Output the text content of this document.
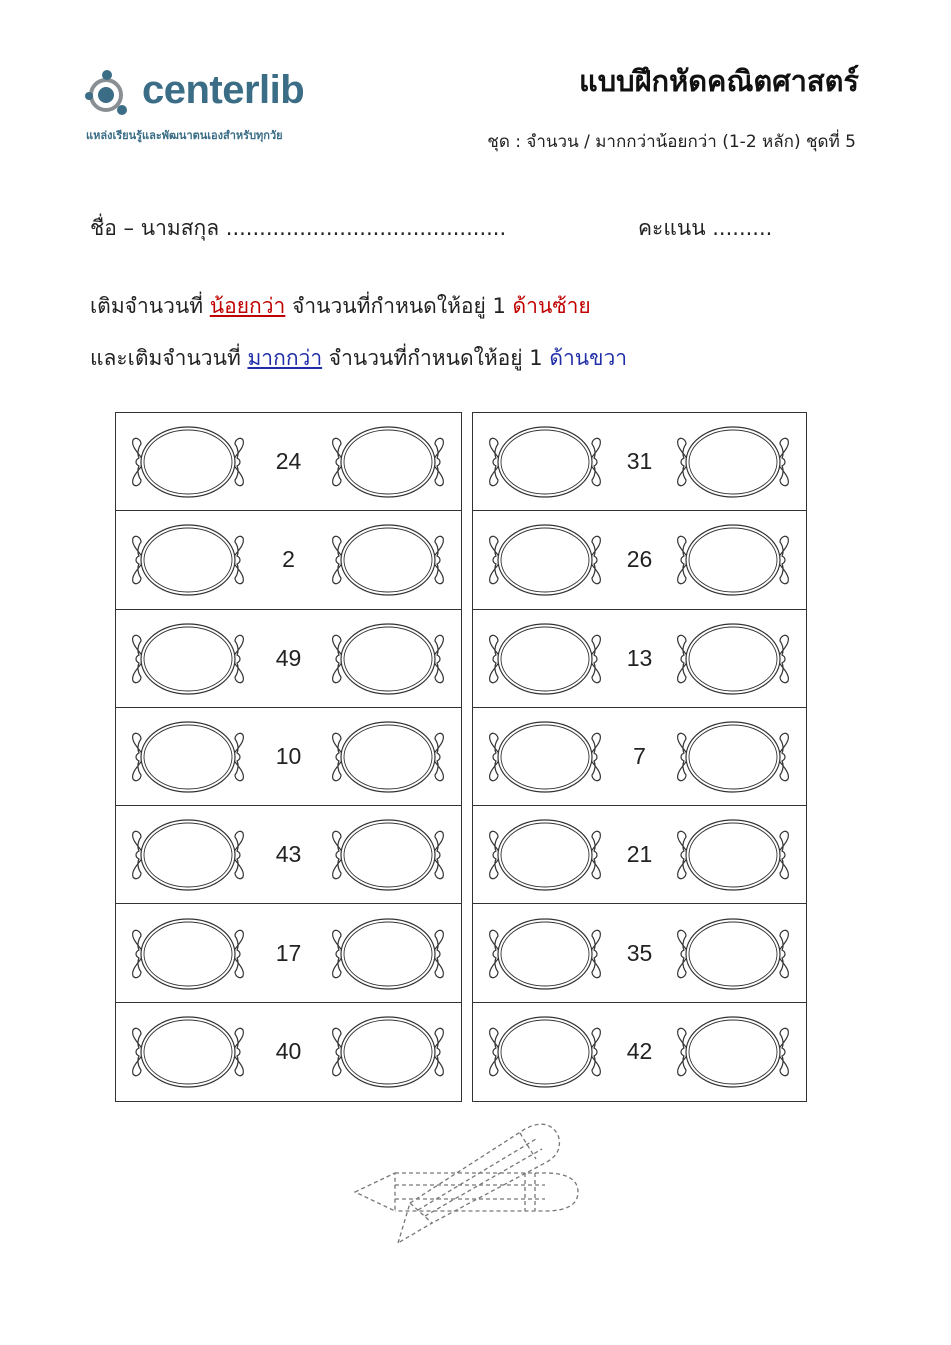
centerlib
แหล่งเรียนรู้และพัฒนาตนเองสำหรับทุกวัย
แบบฝึกหัดคณิตศาสตร์
ชุด : จำนวน / มากกว่าน้อยกว่า (1-2 หลัก) ชุดที่ 5
ชื่อ – นามสกุล ..........................................	คะแนน .........
เติมจำนวนที่ น้อยกว่า จำนวนที่กำหนดให้อยู่ 1 ด้านซ้าย
และเติมจำนวนที่ มากกว่า จำนวนที่กำหนดให้อยู่ 1 ด้านขวา
24
2
49
10
43
17
40
31
26
13
7
21
35
42
